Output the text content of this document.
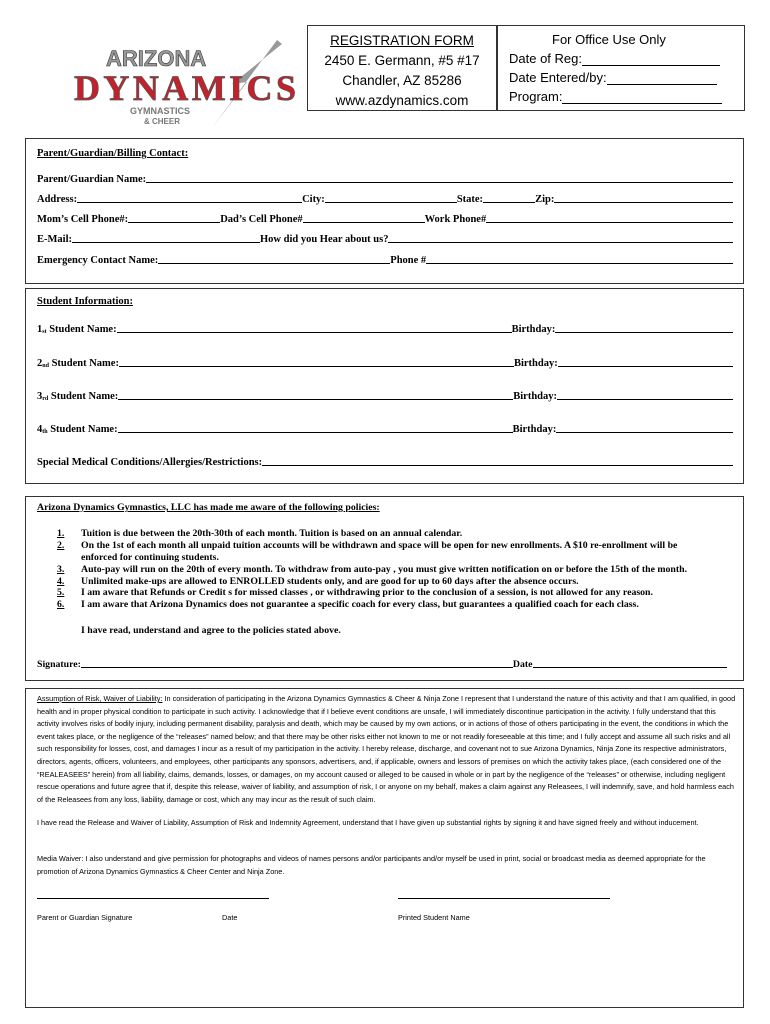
ARIZONA
DYNAMICS
GYMNASTICS
& CHEER
REGISTRATION FORM
2450 E. Germann, #5 #17
Chandler, AZ 85286
www.azdynamics.com
For Office Use Only
Date of Reg:
Date Entered/by:
Program:
Parent/Guardian/Billing Contact:
Parent/Guardian Name:
Address:	City:	State:	Zip:
Mom’s Cell Phone#:	Dad’s Cell Phone#	Work Phone#
E-Mail:	How did you Hear about us?
Emergency Contact Name:	Phone #
Student Information:
$1_{st}$
Student Name:	Birthday:
$2_{nd}$
Student Name:	Birthday:
$3_{rd}$
Student Name:	Birthday:
$4_{th}$
Student Name:	Birthday:
Special Medical Conditions/Allergies/Restrictions:
Arizona Dynamics Gymnastics, LLC has made me aware of the following policies:
1. Tuition is due between the 20th-30th of each month. Tuition is based on an annual calendar.
2. On the 1st of each month all unpaid tuition accounts will be withdrawn and space will be open for new enrollments. A $10 re-enrollment will be enforced for continuing students.
3. Auto-pay will run on the 20th of every month. To withdraw from auto-pay , you must give written notification on or before the 15th of the month.
4. Unlimited make-ups are allowed to ENROLLED students only, and are good for up to 60 days after the absence occurs.
5. I am aware that Refunds or Credit s for missed classes , or withdrawing prior to the conclusion of a session, is not allowed for any reason.
6. I am aware that Arizona Dynamics does not guarantee a specific coach for every class, but guarantees a qualified coach for each class.
I have read, understand and agree to the policies stated above.
Signature:	Date
Assumption of Risk, Waiver of Liability: In consideration of participating in the Arizona Dynamics Gymnastics & Cheer & Ninja Zone I represent that I understand the nature of this activity and that I am qualified, in good health and in proper physical condition to participate in such activity. I acknowledge that if I believe event conditions are unsafe, I will immediately discontinue participation in the activity. I fully understand that this activity involves risks of bodily injury, including permanent disability, paralysis and death, which may be caused by my own actions, or in actions of those of others participating in the event, the conditions in which the event takes place, or the negligence of the “releases” named below; and that there may be other risks either not known to me or not readily foreseeable at this time; and I fully accept and assume all such risks and all such responsibility for losses, cost, and damages I incur as a result of my participation in the activity. I hereby release, discharge, and covenant not to sue Arizona Dynamics, Ninja Zone its respective administrators, directors, agents, officers, volunteers, and employees, other participants any sponsors, advertisers, and, if applicable, owners and lessors of premises on which the activity takes place, (each considered one of the “REALEASEES” herein) from all liability, claims, demands, losses, or damages, on my account caused or alleged to be caused in whole or in part by the negligence of the “releases” or otherwise, including negligent rescue operations and future agree that if, despite this release, waiver of liability, and assumption of risk, I or anyone on my behalf, makes a claim against any Releasees, I will indemnify, save, and hold harmless each of the Releasees from any loss, liability, damage or cost, which any may incur as the result of such claim.
I have read the Release and Waiver of Liability, Assumption of Risk and Indemnity Agreement, understand that I have given up substantial rights by signing it and have signed freely and without inducement.
Media Waiver: I also understand and give permission for photographs and videos of names persons and/or participants and/or myself be used in print, social or broadcast media as deemed appropriate for the promotion of Arizona Dynamics Gymnastics & Cheer Center and Ninja Zone.
Parent or Guardian Signature	Date	Printed Student Name
